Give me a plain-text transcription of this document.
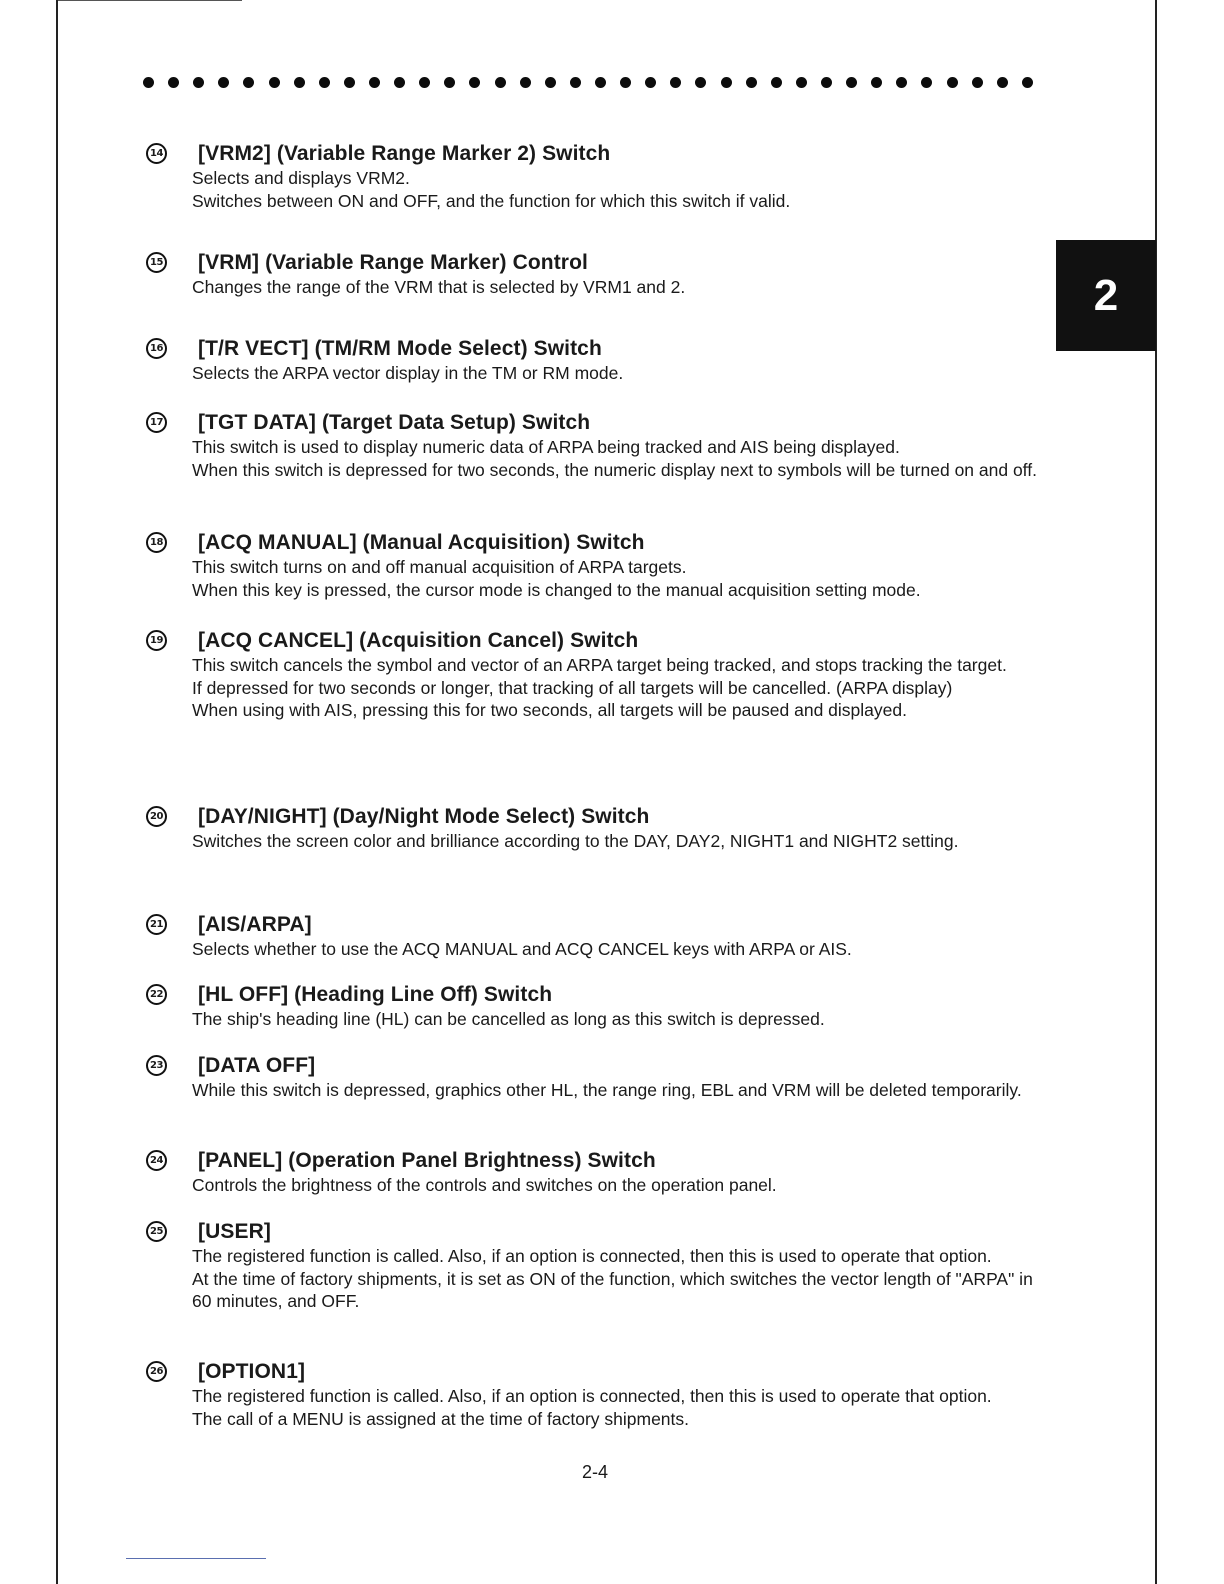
2
14 [VRM2] (Variable Range Marker 2) Switch

Selects and displays VRM2.

Switches between ON and OFF, and the function for which this switch if valid.

15 [VRM] (Variable Range Marker) Control

Changes the range of the VRM that is selected by VRM1 and 2.

16 [T/R VECT] (TM/RM Mode Select) Switch

Selects the ARPA vector display in the TM or RM mode.

17 [TGT DATA] (Target Data Setup) Switch

This switch is used to display numeric data of ARPA being tracked and AIS being displayed.

When this switch is depressed for two seconds, the numeric display next to symbols will be turned on and off.

18 [ACQ MANUAL] (Manual Acquisition) Switch

This switch turns on and off manual acquisition of ARPA targets.

When this key is pressed, the cursor mode is changed to the manual acquisition setting mode.

19 [ACQ CANCEL] (Acquisition Cancel) Switch

This switch cancels the symbol and vector of an ARPA target being tracked, and stops tracking the target.

If depressed for two seconds or longer, that tracking of all targets will be cancelled. (ARPA display)

When using with AIS, pressing this for two seconds, all targets will be paused and displayed.

20 [DAY/NIGHT] (Day/Night Mode Select) Switch

Switches the screen color and brilliance according to the DAY, DAY2, NIGHT1 and NIGHT2 setting.

21 [AIS/ARPA]

Selects whether to use the ACQ MANUAL and ACQ CANCEL keys with ARPA or AIS.

22 [HL OFF] (Heading Line Off) Switch

The ship's heading line (HL) can be cancelled as long as this switch is depressed.

23 [DATA OFF]

While this switch is depressed, graphics other HL, the range ring, EBL and VRM will be deleted temporarily.

24 [PANEL] (Operation Panel Brightness) Switch

Controls the brightness of the controls and switches on the operation panel.

25 [USER]

The registered function is called. Also, if an option is connected, then this is used to operate that option.

At the time of factory shipments, it is set as ON of the function, which switches the vector length of "ARPA" in 60 minutes, and OFF.

26 [OPTION1]

The registered function is called. Also, if an option is connected, then this is used to operate that option.

The call of a MENU is assigned at the time of factory shipments.

2-4
